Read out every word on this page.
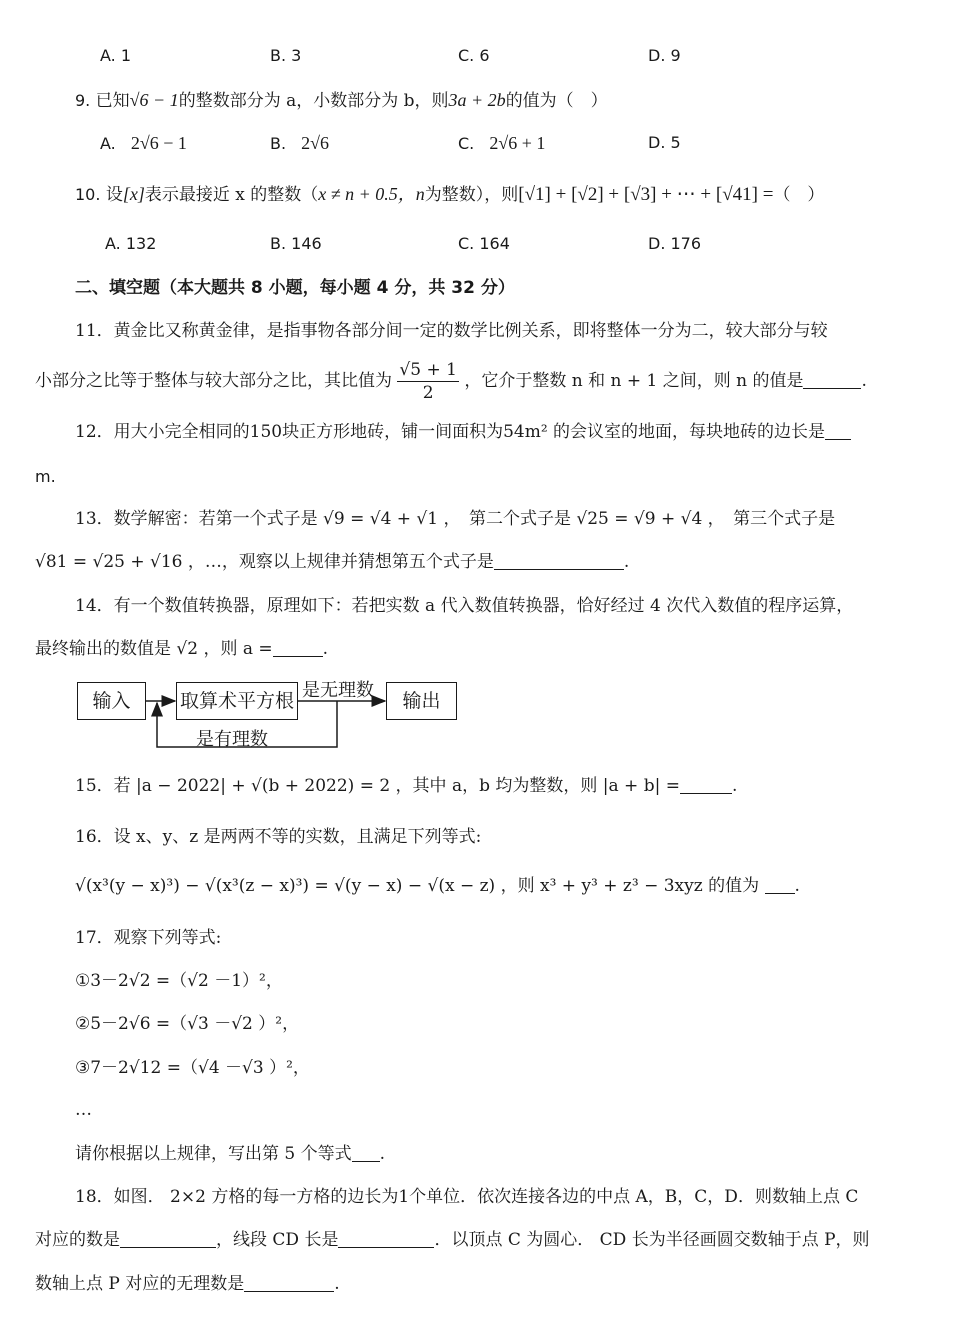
A. 1	B. 3	C. 6	D. 9
9. 已知√6 − 1的整数部分为 a，小数部分为 b，则3a + 2b的值为（　）
A. 2√6 − 1	B. 2√6	C. 2√6 + 1	D. 5
10. 设[x]表示最接近 x 的整数（x ≠ n + 0.5，n为整数），则[√1] + [√2] + [√3] + ⋯ + [√41] =（　）
A. 132	B. 146	C. 164	D. 176
二、填空题（本大题共 8 小题，每小题 4 分，共 32 分）
11．黄金比又称黄金律，是指事物各部分间一定的数学比例关系，即将整体一分为二，较大部分与较
小部分之比等于整体与较大部分之比，其比值为 $\frac{√5 + 1}{2}$ ，它介于整数 n 和 n + 1 之间，则 n 的值是	.
12．用大小完全相同的150块正方形地砖，铺一间面积为54m² 的会议室的地面，每块地砖的边长是
m.
13．数学解密：若第一个式子是 √9 = √4 + √1 ，　第二个式子是 √25 = √9 + √4 ，　第三个式子是
√81 = √25 + √16 ，…，观察以上规律并猜想第五个式子是	.
14．有一个数值转换器，原理如下：若把实数 a 代入数值转换器，恰好经过 4 次代入数值的程序运算，
最终输出的数值是 √2 ，则 a =	.
输入	取算术平方根	输出
是无理数
是有理数
15．若 |a − 2022| + √(b + 2022) = 2 ，其中 a，b 均为整数，则 |a + b| =	.
16．设 x、y、z 是两两不等的实数，且满足下列等式:
√(x³(y − x)³) − √(x³(z − x)³) = √(y − x) − √(x − z) ，则 x³ + y³ + z³ − 3xyz 的值为 .
17．观察下列等式:
①3－2√2 =（√2 －1）²，
②5－2√6 =（√3 －√2 ）²，
③7－2√12 =（√4 －√3 ）²，
…
请你根据以上规律，写出第 5 个等式 .
18．如图． 2×2 方格的每一方格的边长为1个单位．依次连接各边的中点 A，B，C，D．则数轴上点 C
对应的数是	，线段 CD 长是	．以顶点 C 为圆心． CD 长为半径画圆交数轴于点 P，则
数轴上点 P 对应的无理数是	.
